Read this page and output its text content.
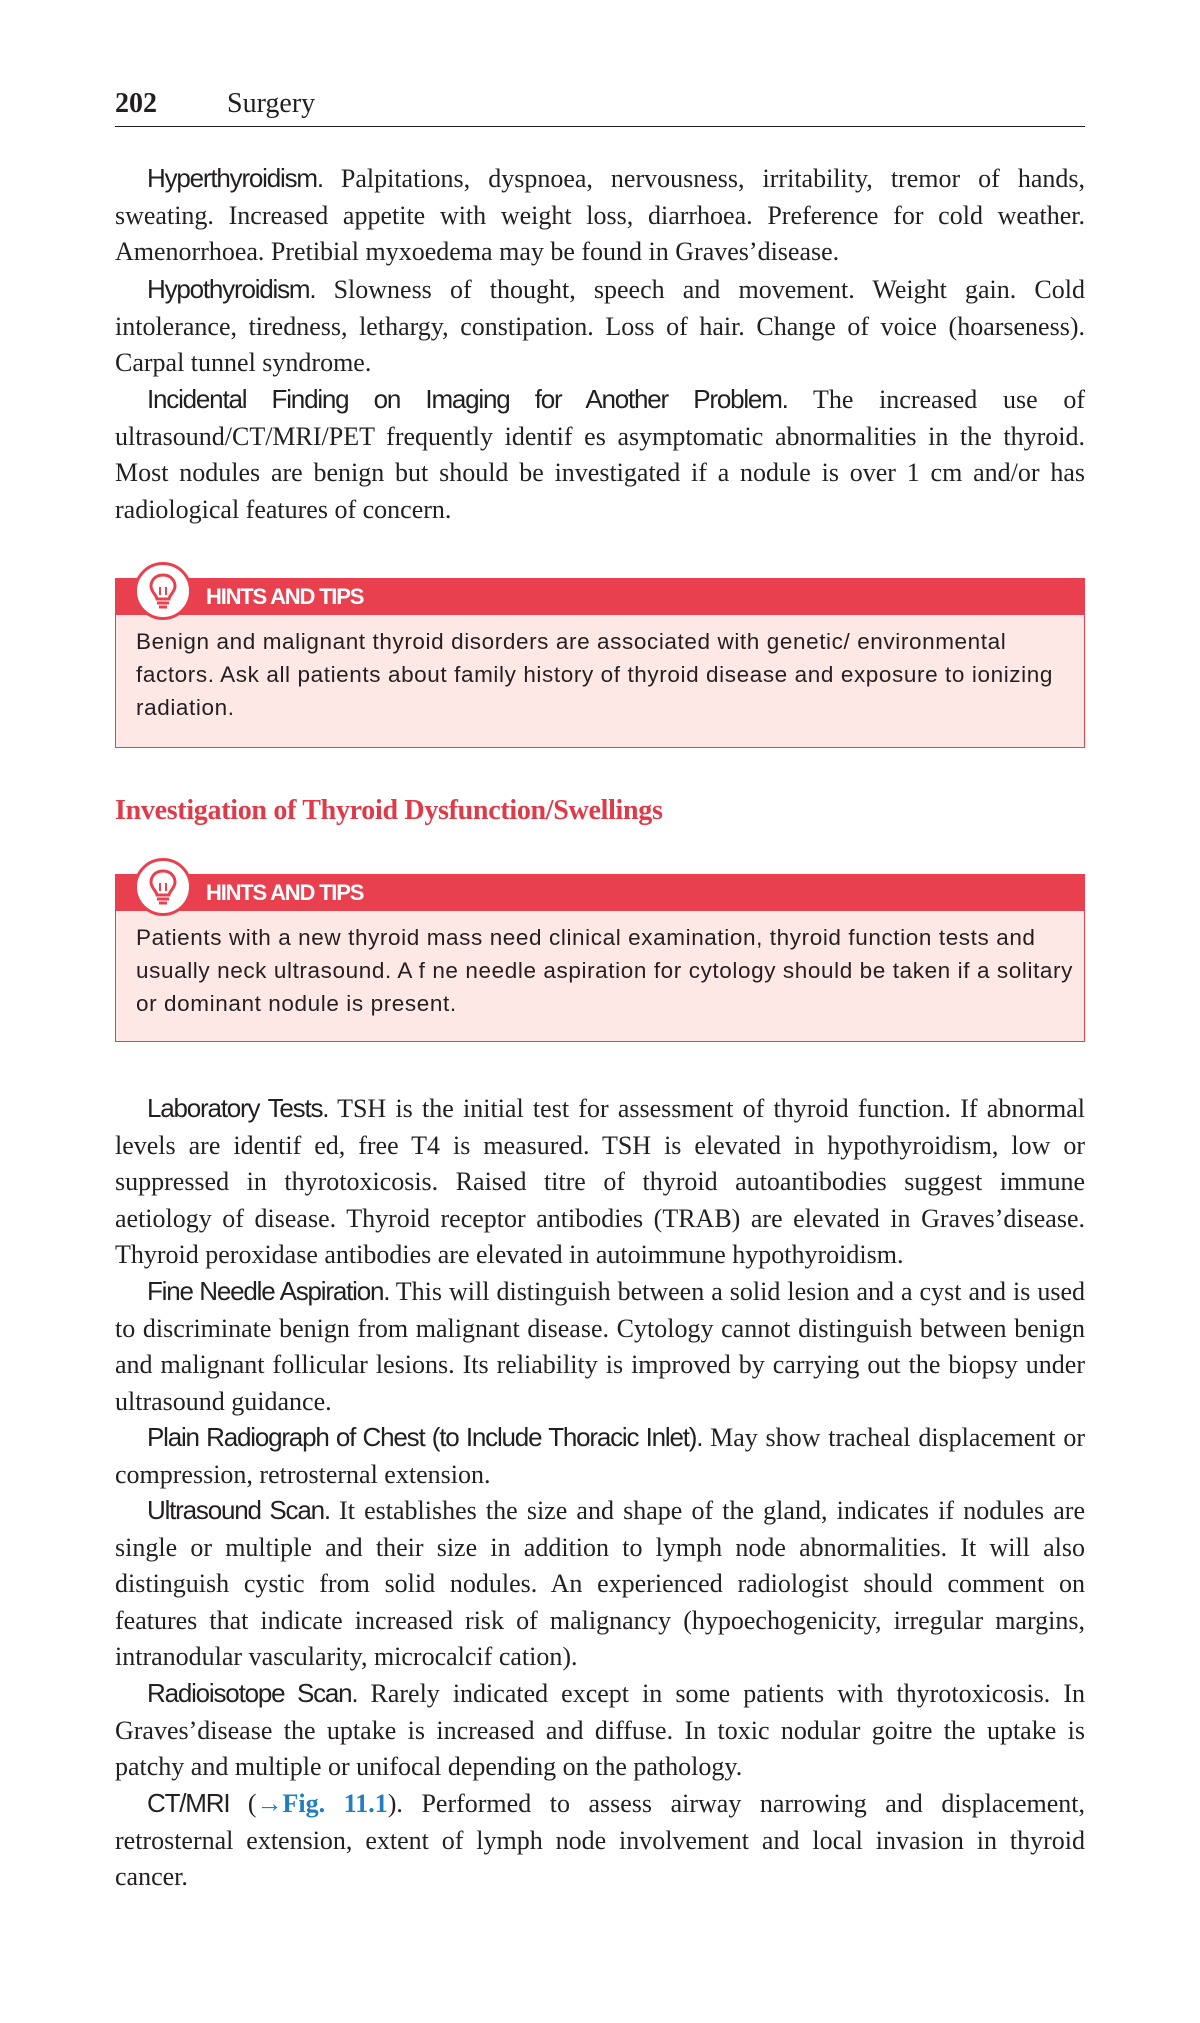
202	Surgery

Hyperthyroidism. Palpitations, dyspnoea, nervousness, irritability, tremor of hands, sweating. Increased appetite with weight loss, diarrhoea. Preference for cold weather. Amenorrhoea. Pretibial myxoedema may be found in Graves’disease.

Hypothyroidism. Slowness of thought, speech and movement. Weight gain. Cold intolerance, tiredness, lethargy, constipation. Loss of hair. Change of voice (hoarseness). Carpal tunnel syndrome.

Incidental Finding on Imaging for Another Problem. The increased use of ultrasound/CT/MRI/PET frequently identif es asymptomatic abnormalities in the thyroid. Most nodules are benign but should be investigated if a nodule is over 1 cm and/or has radiological features of concern.

HINTS AND TIPS

Benign and malignant thyroid disorders are associated with genetic/ environmental factors. Ask all patients about family history of thyroid disease and exposure to ionizing radiation.

Investigation of Thyroid Dysfunction/Swellings
HINTS AND TIPS

Patients with a new thyroid mass need clinical examination, thyroid function tests and usually neck ultrasound. A f ne needle aspiration for cytology should be taken if a solitary or dominant nodule is present.

Laboratory Tests. TSH is the initial test for assessment of thyroid function. If abnormal levels are identif ed, free T4 is measured. TSH is elevated in hypothyroidism, low or suppressed in thyrotoxicosis. Raised titre of thyroid autoantibodies suggest immune aetiology of disease. Thyroid receptor antibodies (TRAB) are elevated in Graves’disease. Thyroid peroxidase antibodies are elevated in autoimmune hypothyroidism.

Fine Needle Aspiration. This will distinguish between a solid lesion and a cyst and is used to discriminate benign from malignant disease. Cytology cannot distinguish between benign and malignant follicular lesions. Its reliability is improved by carrying out the biopsy under ultrasound guidance.

Plain Radiograph of Chest (to Include Thoracic Inlet). May show tracheal displacement or compression, retrosternal extension.

Ultrasound Scan. It establishes the size and shape of the gland, indicates if nodules are single or multiple and their size in addition to lymph node abnormalities. It will also distinguish cystic from solid nodules. An experienced radiologist should comment on features that indicate increased risk of malignancy (hypoechogenicity, irregular margins, intranodular vascularity, microcalcif cation).

Radioisotope Scan. Rarely indicated except in some patients with thyrotoxicosis. In Graves’disease the uptake is increased and diffuse. In toxic nodular goitre the uptake is patchy and multiple or unifocal depending on the pathology.

CT/MRI (→Fig. 11.1). Performed to assess airway narrowing and displacement, retrosternal extension, extent of lymph node involvement and local invasion in thyroid cancer.
